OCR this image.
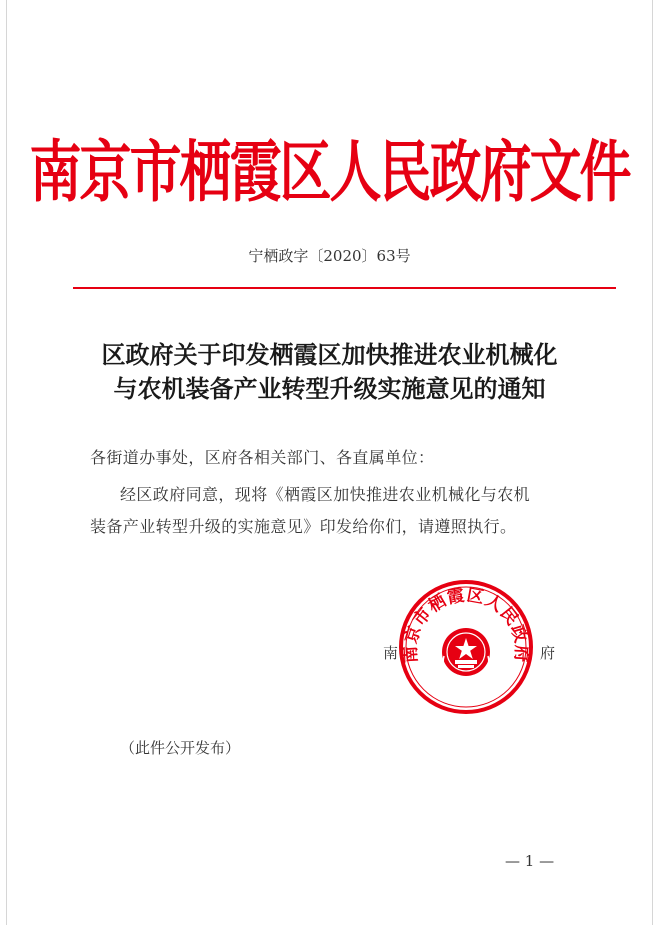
南京市栖霞区人民政府文件
宁栖政字〔2020〕63号
区政府关于印发栖霞区加快推进农业机械化
与农机装备产业转型升级实施意见的通知
各街道办事处，区府各相关部门、各直属单位：
经区政府同意，现将《栖霞区加快推进农业机械化与农机
装备产业转型升级的实施意见》印发给你们，请遵照执行。
南	府
南京市栖霞区人民政府
（此件公开发布）
— 1 —
